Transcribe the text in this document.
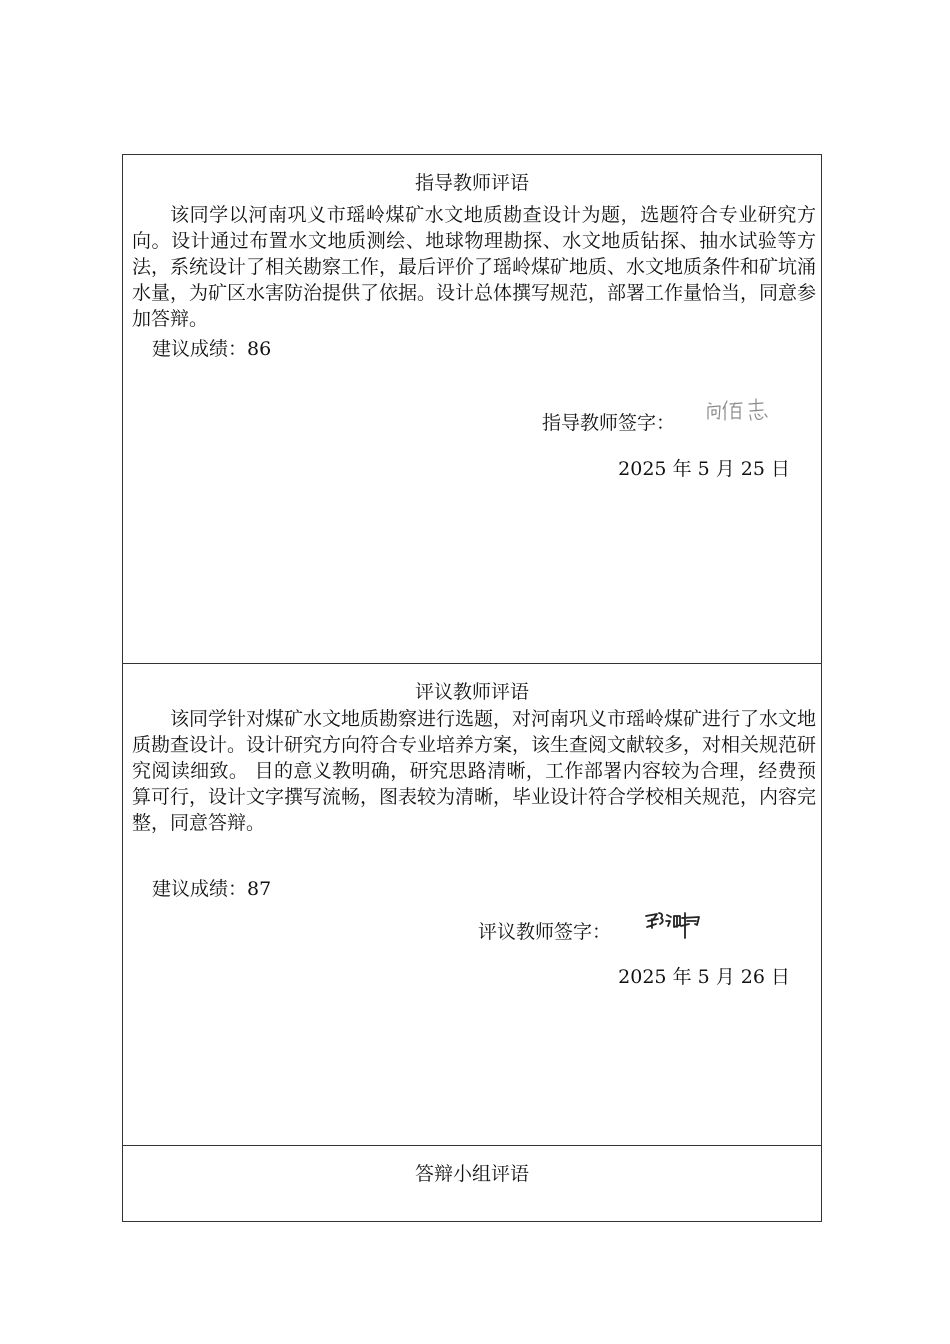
指导教师评语

该同学以河南巩义市瑶岭煤矿水文地质勘查设计为题，选题符合专业研究方向。设计通过布置水文地质测绘、地球物理勘探、水文地质钻探、抽水试验等方法，系统设计了相关勘察工作，最后评价了瑶岭煤矿地质、水文地质条件和矿坑涌水量，为矿区水害防治提供了依据。设计总体撰写规范，部署工作量恰当，同意参加答辩。

建议成绩：86
指导教师签字：
2025 年 5 月 25 日
评议教师评语

该同学针对煤矿水文地质勘察进行选题，对河南巩义市瑶岭煤矿进行了水文地质勘查设计。设计研究方向符合专业培养方案，该生查阅文献较多，对相关规范研究阅读细致。 目的意义教明确，研究思路清晰，工作部署内容较为合理，经费预算可行，设计文字撰写流畅，图表较为清晰，毕业设计符合学校相关规范，内容完整，同意答辩。

建议成绩：87
评议教师签字：
2025 年 5 月 26 日
答辩小组评语
